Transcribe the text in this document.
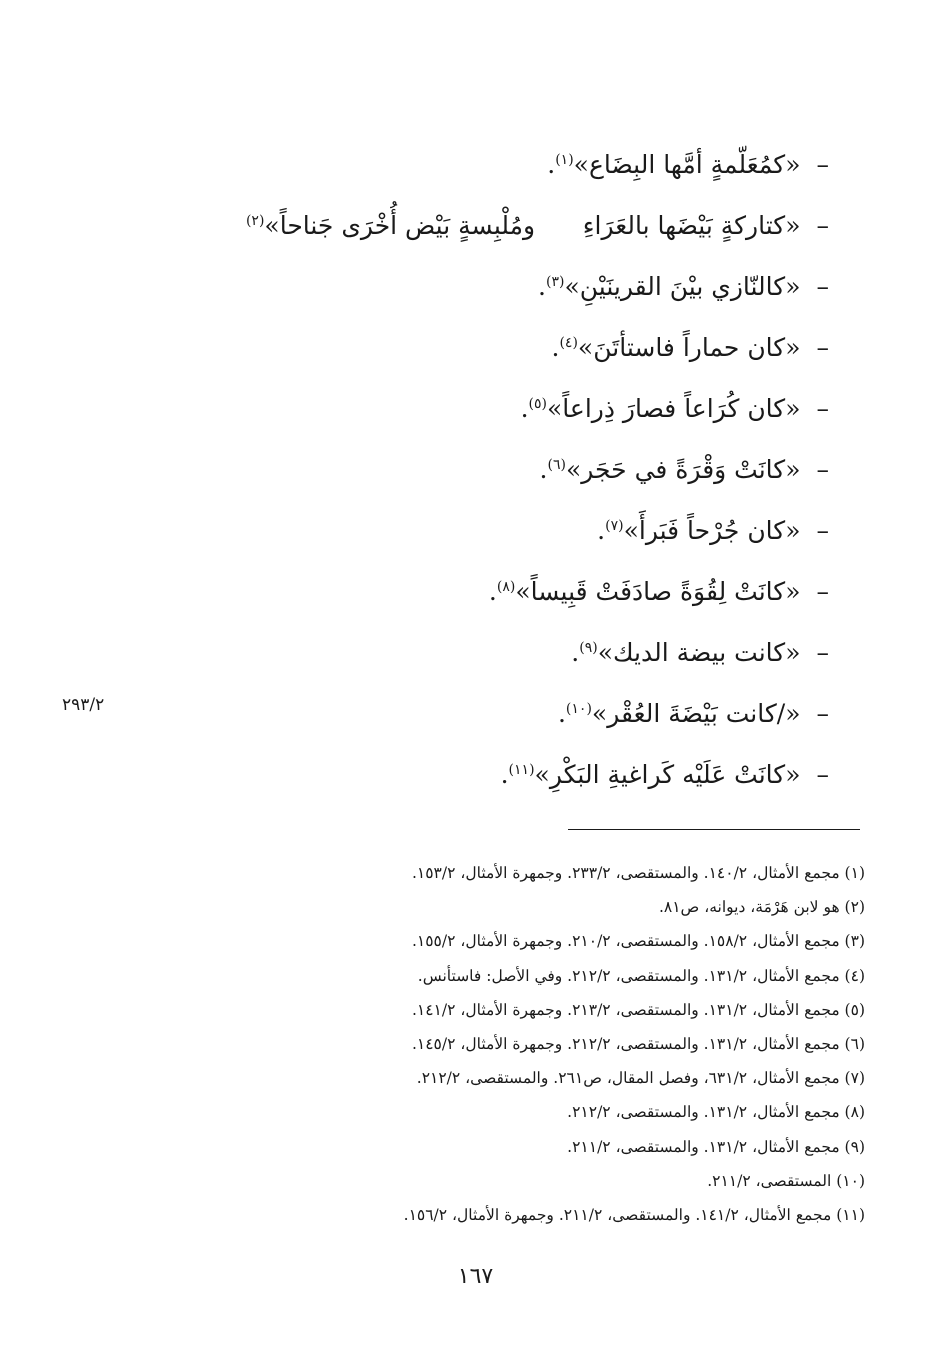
–«كمُعَلّمةٍ أمَّها البِضَاع»$^{(١)}$.
–«كتاركةٍ بَيْضَها بالعَرَاءِ      ومُلْبِسةٍ بَيْض أُخْرَى جَناحاً»$^{(٢)}$
–«كالنّازي بيْنَ القرينَيْنِ»$^{(٣)}$.
–«كان حماراً فاستأتَنَ»$^{(٤)}$.
–«كان كُرَاعاً فصارَ ذِراعاً»$^{(٥)}$.
–«كانَتْ وَقْرَةً في حَجَر»$^{(٦)}$.
–«كان جُرْحاً فَبَرأَ»$^{(٧)}$.
–«كانَتْ لِقُوَةً صادَفَتْ قَبِيساً»$^{(٨)}$.
–«كانت بيضة الديك»$^{(٩)}$.
–«/كانت بَيْضَةَ العُقْر»$^{(١٠)}$.
–«كانَتْ عَلَيْه كَراغيةِ البَكْرِ»$^{(١١)}$.
٢٩٣/٢
(١) مجمع الأمثال، ١٤٠/٢. والمستقصى، ٢٣٣/٢. وجمهرة الأمثال، ١٥٣/٢.
(٢) هو لابن هَرْمَة، ديوانه، ص٨١.
(٣) مجمع الأمثال، ١٥٨/٢. والمستقصى، ٢١٠/٢. وجمهرة الأمثال، ١٥٥/٢.
(٤) مجمع الأمثال، ١٣١/٢. والمستقصى، ٢١٢/٢. وفي الأصل: فاستأنس.
(٥) مجمع الأمثال، ١٣١/٢. والمستقصى، ٢١٣/٢. وجمهرة الأمثال، ١٤١/٢.
(٦) مجمع الأمثال، ١٣١/٢. والمستقصى، ٢١٢/٢. وجمهرة الأمثال، ١٤٥/٢.
(٧) مجمع الأمثال، ٦٣١/٢، وفصل المقال، ص٢٦١. والمستقصى، ٢١٢/٢.
(٨) مجمع الأمثال، ١٣١/٢. والمستقصى، ٢١٢/٢.
(٩) مجمع الأمثال، ١٣١/٢. والمستقصى، ٢١١/٢.
(١٠) المستقصى، ٢١١/٢.
(١١) مجمع الأمثال، ١٤١/٢. والمستقصى، ٢١١/٢. وجمهرة الأمثال، ١٥٦/٢.
١٦٧
